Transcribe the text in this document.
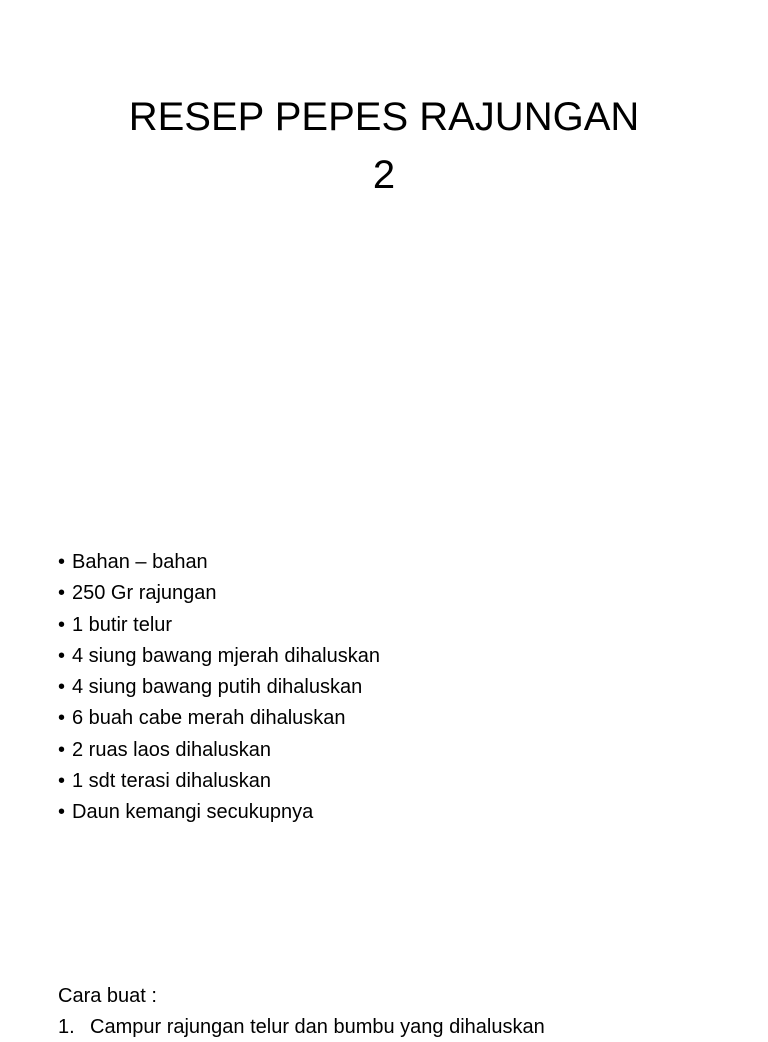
RESEP PEPES RAJUNGAN
2
• Bahan – bahan
• 250 Gr rajungan
• 1 butir telur
• 4 siung bawang mjerah dihaluskan
• 4 siung bawang putih dihaluskan
• 6 buah cabe merah dihaluskan
• 2 ruas laos dihaluskan
• 1 sdt terasi dihaluskan
• Daun kemangi secukupnya

Cara buat :

1. Campur rajungan telur dan bumbu yang dihaluskan
